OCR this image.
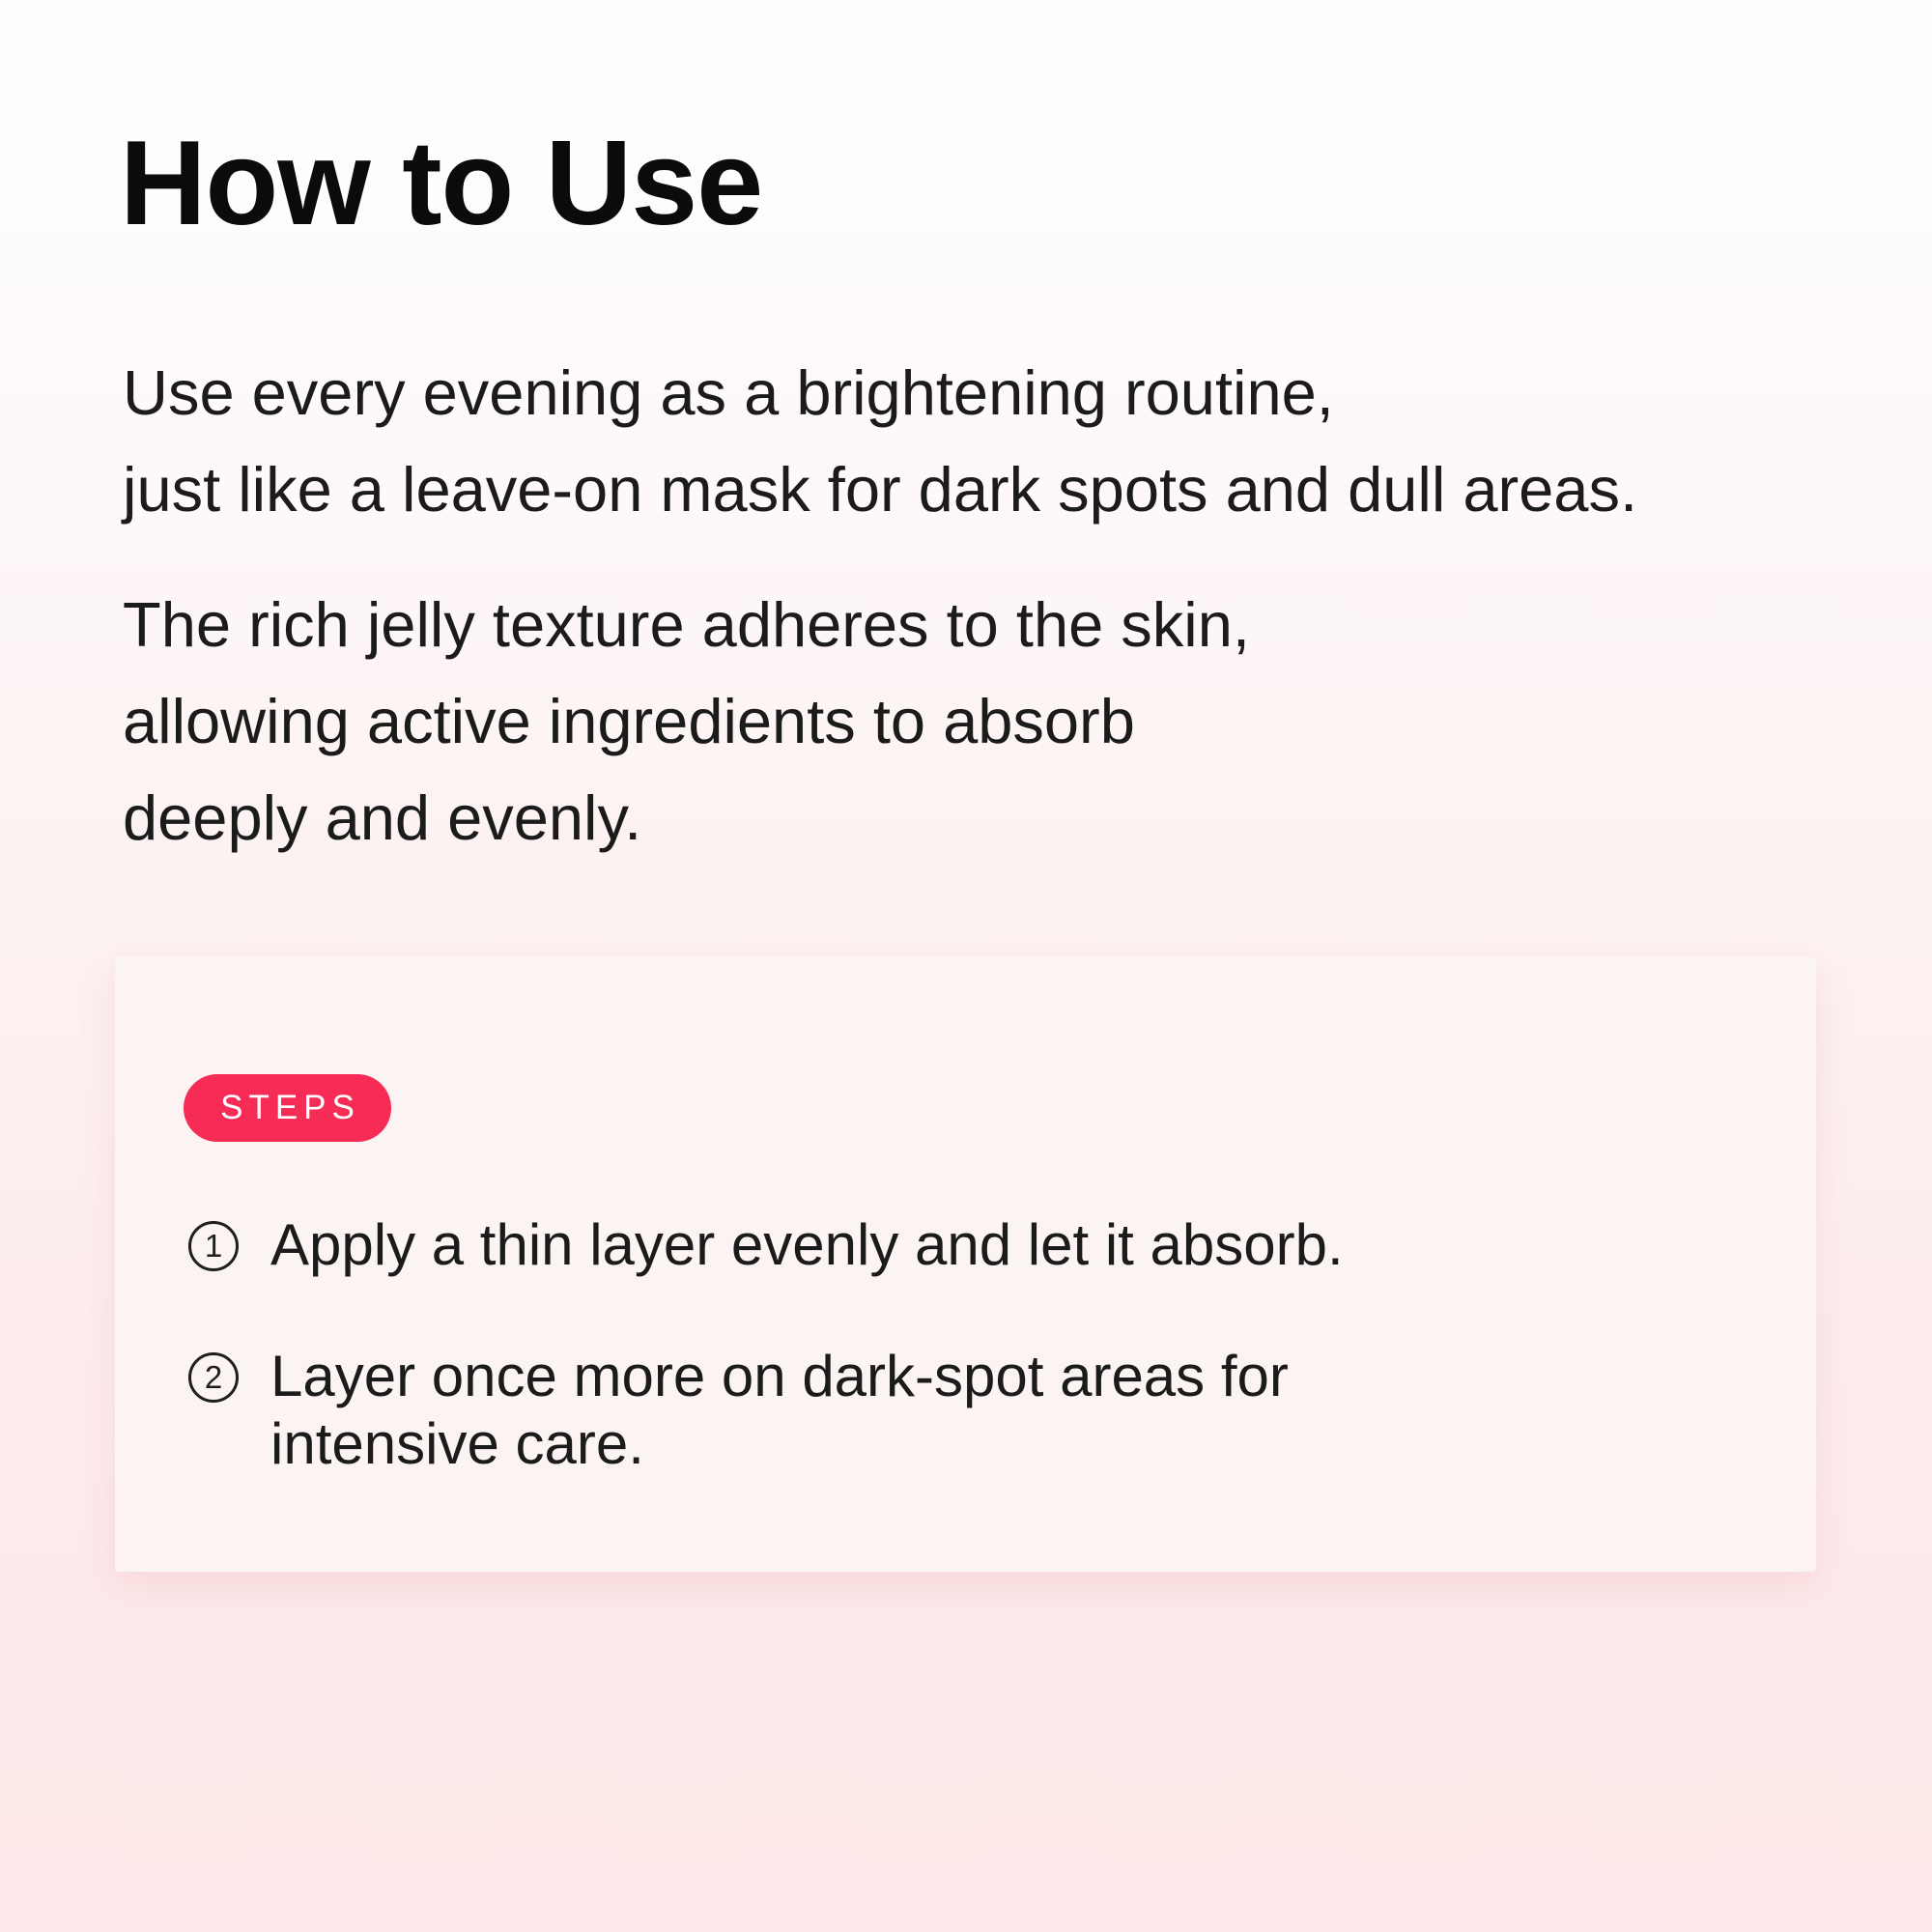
How to Use
Use every evening as a brightening routine,
just like a leave-on mask for dark spots and dull areas.
The rich jelly texture adheres to the skin,
allowing active ingredients to absorb
deeply and evenly.
STEPS
1 Apply a thin layer evenly and let it absorb.
2 Layer once more on dark-spot areas for
intensive care.
